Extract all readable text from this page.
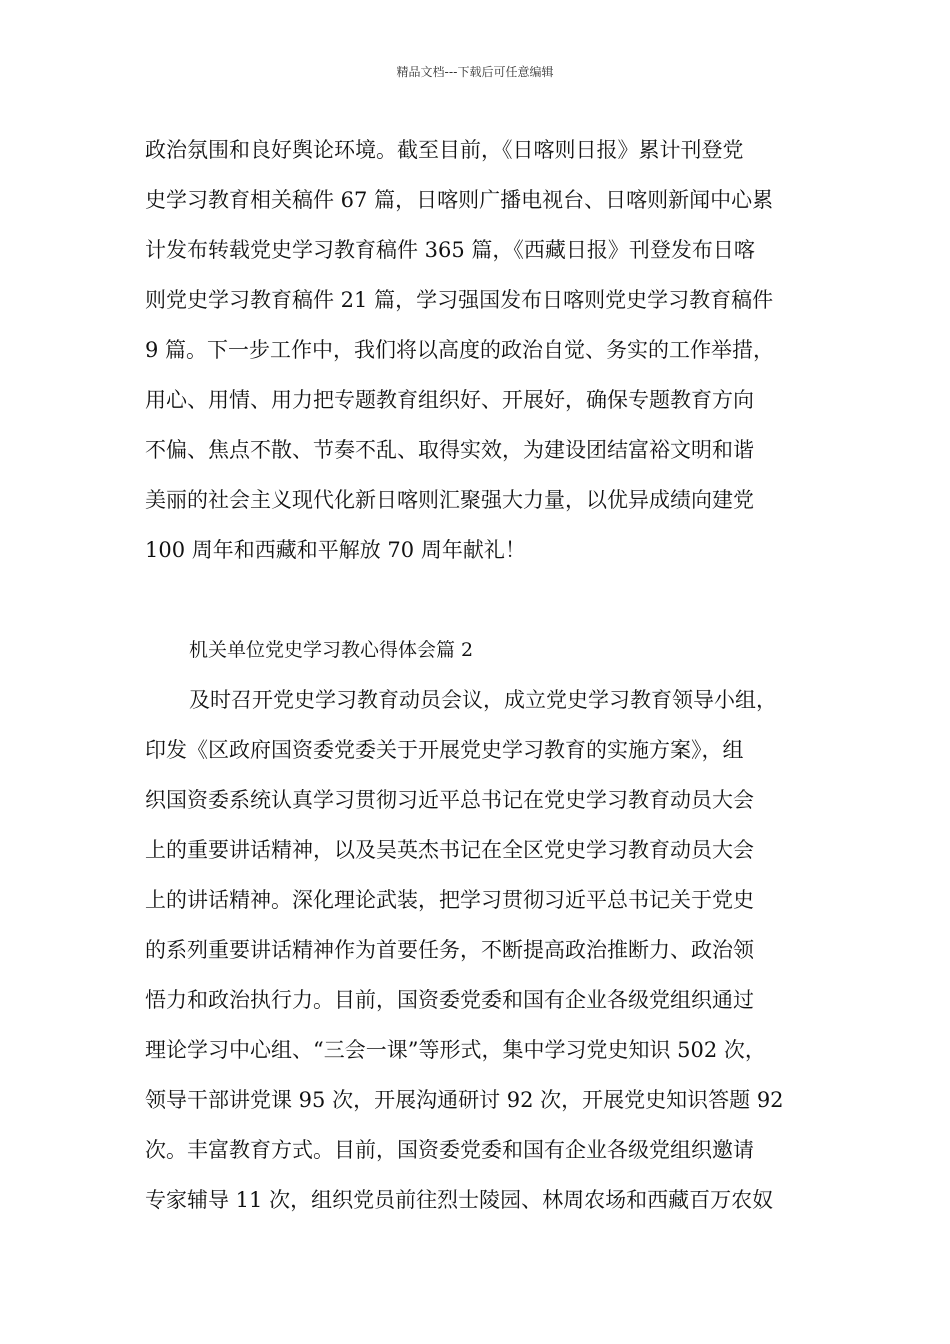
精品文档---下载后可任意编辑
政治氛围和良好舆论环境。截至目前，《日喀则日报》累计刊登党
史学习教育相关稿件 67 篇，日喀则广播电视台、日喀则新闻中心累
计发布转载党史学习教育稿件 365 篇，《西藏日报》刊登发布日喀
则党史学习教育稿件 21 篇，学习强国发布日喀则党史学习教育稿件
9 篇。下一步工作中，我们将以高度的政治自觉、务实的工作举措，
用心、用情、用力把专题教育组织好、开展好，确保专题教育方向
不偏、焦点不散、节奏不乱、取得实效，为建设团结富裕文明和谐
美丽的社会主义现代化新日喀则汇聚强大力量，以优异成绩向建党
100 周年和西藏和平解放 70 周年献礼！
机关单位党史学习教心得体会篇 2
及时召开党史学习教育动员会议，成立党史学习教育领导小组，
印发《区政府国资委党委关于开展党史学习教育的实施方案》，组
织国资委系统认真学习贯彻习近平总书记在党史学习教育动员大会
上的重要讲话精神，以及吴英杰书记在全区党史学习教育动员大会
上的讲话精神。深化理论武装，把学习贯彻习近平总书记关于党史
的系列重要讲话精神作为首要任务，不断提高政治推断力、政治领
悟力和政治执行力。目前，国资委党委和国有企业各级党组织通过
理论学习中心组、“三会一课”等形式，集中学习党史知识 502 次，
领导干部讲党课 95 次，开展沟通研讨 92 次，开展党史知识答题 92
次。丰富教育方式。目前，国资委党委和国有企业各级党组织邀请
专家辅导 11 次，组织党员前往烈士陵园、林周农场和西藏百万农奴
